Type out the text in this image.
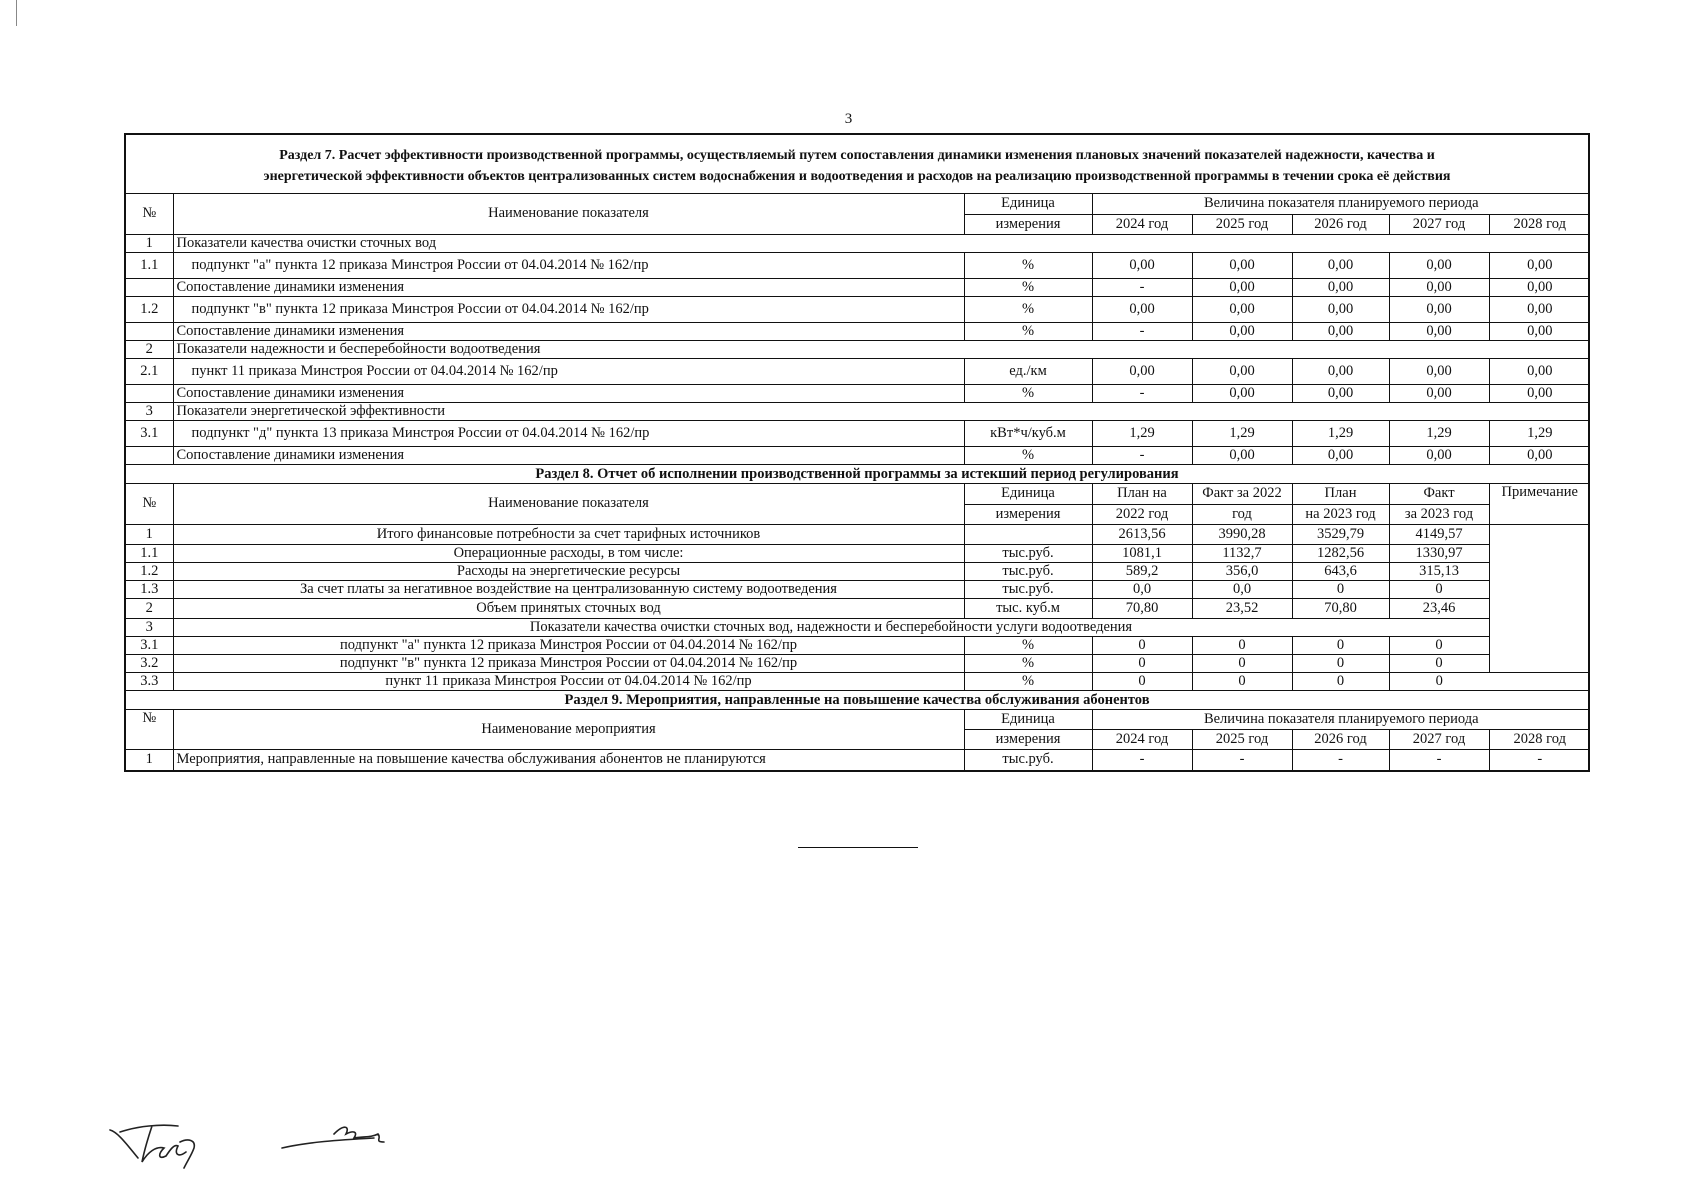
3
Раздел 7. Расчет эффективности производственной программы, осуществляемый путем сопоставления динамики изменения плановых значений показателей надежности, качества и
энергетической эффективности объектов централизованных систем водоснабжения и водоотведения и расходов на реализацию производственной программы в течении срока её действия
№	Наименование показателя	Единица	Величина показателя планируемого периода				
		измерения	2024 год	2025 год	2026 год	2027 год	2028 год
1	Показатели качества очистки сточных вод						
1.1	подпункт "а" пункта 12 приказа Минстроя России от 04.04.2014 № 162/пр	%	0,00	0,00	0,00	0,00	0,00
	Сопоставление динамики изменения	%	-	0,00	0,00	0,00	0,00
1.2	подпункт "в" пункта 12 приказа Минстроя России от 04.04.2014 № 162/пр	%	0,00	0,00	0,00	0,00	0,00
	Сопоставление динамики изменения	%	-	0,00	0,00	0,00	0,00
2	Показатели надежности и бесперебойности водоотведения						
2.1	пункт 11 приказа Минстроя России от 04.04.2014 № 162/пр	ед./км	0,00	0,00	0,00	0,00	0,00
	Сопоставление динамики изменения	%	-	0,00	0,00	0,00	0,00
3	Показатели энергетической эффективности						
3.1	подпункт "д" пункта 13 приказа Минстроя России от 04.04.2014 № 162/пр	кВт*ч/куб.м	1,29	1,29	1,29	1,29	1,29
	Сопоставление динамики изменения	%	-	0,00	0,00	0,00	0,00
Раздел 8. Отчет об исполнении производственной программы за истекший период регулирования
№	Наименование показателя	Единица	План на	Факт за 2022	План	Факт	Примечание
		измерения	2022 год	год	на 2023 год	за 2023 год	
1	Итого финансовые потребности за счет тарифных источников		2613,56	3990,28	3529,79	4149,57	
1.1	Операционные расходы, в том числе:	тыс.руб.	1081,1	1132,7	1282,56	1330,97	
1.2	Расходы на энергетические ресурсы	тыс.руб.	589,2	356,0	643,6	315,13	
1.3	За счет платы за негативное воздействие на централизованную систему водоотведения	тыс.руб.	0,0	0,0	0	0	
2	Объем принятых сточных вод	тыс. куб.м	70,80	23,52	70,80	23,46	
3	Показатели качества очистки сточных вод, надежности и бесперебойности услуги водоотведения						
3.1	подпункт "а" пункта 12 приказа Минстроя России от 04.04.2014 № 162/пр	%	0	0	0	0	
3.2	подпункт "в" пункта 12 приказа Минстроя России от 04.04.2014 № 162/пр	%	0	0	0	0	
3.3	пункт 11 приказа Минстроя России от 04.04.2014 № 162/пр	%	0	0	0	0	
Раздел 9. Мероприятия, направленные на повышение качества обслуживания абонентов
№	Наименование мероприятия	Единица	Величина показателя планируемого периода				
		измерения	2024 год	2025 год	2026 год	2027 год	2028 год
1	Мероприятия, направленные на повышение качества обслуживания абонентов не планируются	тыс.руб.	-	-	-	-	-
